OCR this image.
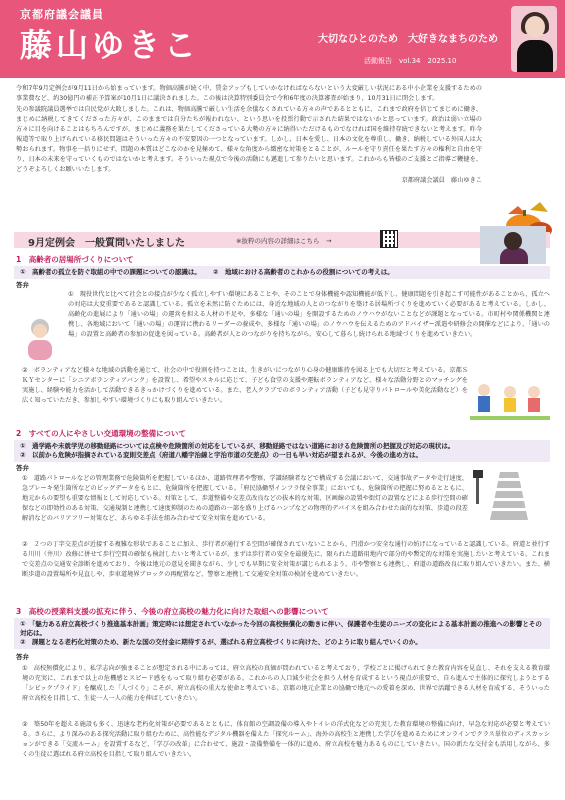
京都府議会議員
藤山ゆきこ	大切なひとのため　大好きなまちのため
活動報告　vol.34　2025.10

令和7年9月定例会が9月11日から始まっています。物価高騰が続く中、賃金アップもしていかなければならないという大変厳しい状況にある中小企業を支援するための事業費など、約30億円の補正予算案が10月1日に議決されました。この後は決算特別委員会で令和6年度の決算審査が始まり、10月31日に閉会します。

先の参議院議員選挙では自民党が大敗しました。これは、物価高騰で厳しい生活を余儀なくされている方々の声であるとともに、これまで政府を信じてまじめに働き、まじめに納税してきてくださった方々が、このままでは自分たちが報われない、という思いを投票行動で示された結果ではないかと思っています。政治は弱い立場の方々に目を向けることはもちろんですが、まじめに義務を果たしてくださっている大勢の方々に納得いただけるものでなければ国を維持存続できないと考えます。昨今報道等で取り上げられている移民問題はそういった方々の不安要因の一つとなっています。しかし、日本を愛し、日本の文化を尊重し、働き、納税している外国人は大勢おられます。物事を一括りにせず、問題の本質はどこなのかを見極めて、様々な角度から緻密な対策をとることが、ルールを守り責任を果たす方々の権利と自由を守り、日本の未来を守っていくものではないかと考えます。そういった視点で今後の活動にも邁進して参りたいと思います。これからも皆様のご支援とご指導ご鞭撻を、どうぞよろしくお願いいたします。

京都府議会議員　藤山ゆきこ

9月定例会　一般質問いたしました	※抜粋の内容の詳細はこちら　→
1　高齢者の居場所づくりについて
①　高齢者の孤立を防ぐ取組の中での課題についての認識は。 ②　地域における高齢者のこれからの役割についての考えは。
答弁
①　現役世代と比べて社会との接点が少なく孤立しやすい環境にあることや、そのことで身体機能や認知機能が低下し、健康問題を引き起こす可能性があることから、孤立への対応は大変重要であると認識している。孤立を未然に防ぐためには、身近な地域の人とのつながりを築ける居場所づくりを進めていく必要があると考えている。しかし、高齢化の進展により「通いの場」の運営を担える人材の不足や、多様な「通いの場」を開設するためのノウハウがないことなどが課題となっている。市町村や関係機関と連携し、各地域において「通いの場」の運営に携わるリーダーの養成や、多様な「通いの場」のノウハウを伝えるためのアドバイザー派遣や研修会の開催などにより、「通いの場」の設置と高齢者の参加の促進を図っている。高齢者が人とのつながりを持ちながら、安心して暮らし続けられる地域づくりを進めていきたい。
②　ボランティアなど様々な地域の活動を通じて、社会の中で役割を持つことは、生きがいにつながり心身の健康維持を図る上でも大切だと考えている。京都ＳＫＹセンターに「シニアボランティアバンク」を設置し、希望やスキルに応じて、子ども食堂の支援や運転ボランティアなど、様々な活動分野とのマッチングを実施し、経験や能力を活かして活動できるきっかけづくりを進めている。また、老人クラブでのボランティア活動（子ども見守りパトロールや美化活動など）を広く知っていただき、参加しやすい環境づくりにも取り組んでいきたい。
2　すべての人にやさしい交通環境の整備について
①　通学路や未就学児の移動経路については点検や危険箇所の対応をしているが、移動経路ではない道路における危険箇所の把握及び対応の現状は。
②　以前から危険が指摘されている変則交差点（府道八幡宇治線と宇治市道の交差点）の一日も早い対応が望まれるが、今後の進め方は。
答弁
①　道路パトロールなどの管理業務で危険箇所を把握しているほか、道路管理者や警察、学識経験者などで構成する会議において、交通事故データや走行速度、急ブレーキ発生箇所などのビッグデータをもとに、危険箇所を把握している。「府民協働型インフラ保全事業」においても、危険箇所の把握に努めるとともに、地元からの要望も重要な情報として対応している。対策として、歩道整備や交差点改良などの抜本的な対策、区画線の設置や街灯の設置などによる歩行空間の確保などの即効性のある対策、交通規制と連携して速度抑制のための道路の一部を盛り上げるハンプなどの物理的デバイスを組み合わせた面的な対策、歩道の段差解消などのバリアフリー対策など、あらゆる手法を組み合わせて安全対策を進めている。
②　２つの丁字交差点が近接する複雑な形状であることに加え、歩行者が通行する空間が確保されていないことから、円滑かつ安全な通行の妨げになっていると認識している。府道と並行する川川（井川）改修に併せて歩行空間の確保も検討したいと考えているが、まずは歩行者の安全を最優先に、限られた道路用地内で部分的や暫定的な対策を実施したいと考えている。これまで交差点の交通安全診断を進めており、今後は地元の意見を聞きながら、少しでも早期に安全対策が講じられるよう、市や警察とも連携し、府道の道路改良に取り組んでいきたい。また、横断歩道の設置場所や見直しや、歩車道境界ブロックの再配置など、警察と連携して交通安全対策の検討を進めていきたい。
3　高校の授業料支援の拡充に伴う、今後の府立高校の魅力化に向けた取組への影響について
①　「魅力ある府立高校づくり推進基本計画」策定時には想定されていなかった今回の高校無償化の動きに伴い、保護者や生徒のニーズの変化による基本計画の推進への影響とその対応は。
②　課題となる老朽化対策のため、新たな国の交付金に期待するが、選ばれる府立高校づくりに向けた、どのように取り組んでいくのか。
答弁
①　高校無償化により、私学志向が強まることが想定される中にあっては、府立高校の真価が問われていると考えており、学校ごとに掲げられてきた教育内容を見直し、それを支える教育環境の充実に、これまで以上の危機感とスピード感をもって取り組む必要がある。これからの人口減少社会を担う人材を育成するという視点が重要で、自ら進んで主体的に探究しようとする「シビックプライド」を醸成した「人づくり」こそが、府立高校の重大な使命と考えている。京都の地元企業との協働で地元への愛着を深め、世界で活躍できる人材を育成する、そういった府立高校を目指して、生徒一人一人の能力を伸ばしていきたい。
②　築50年を超える施設も多く、迅速な老朽化対策が必要であるとともに、体育館の空調設備の導入やトイレの洋式化などの充実した教育環境の整備に向け、早急な対応が必要と考えている。さらに、より深みのある探究活動に取り組むために、高性能なデジタル機器を備えた「探究ルーム」、海外の高校生と連携した学びを進めるためにオンラインでクラス単位のディスカッションができる「交流ルーム」を設置するなど、「学びの改革」に合わせて、施設・設備整備を一体的に進め、府立高校を魅力あるものにしていきたい。国の新たな交付金も活用しながら、多くの生徒に選ばれる府立高校を目指して取り組んでいきたい。
